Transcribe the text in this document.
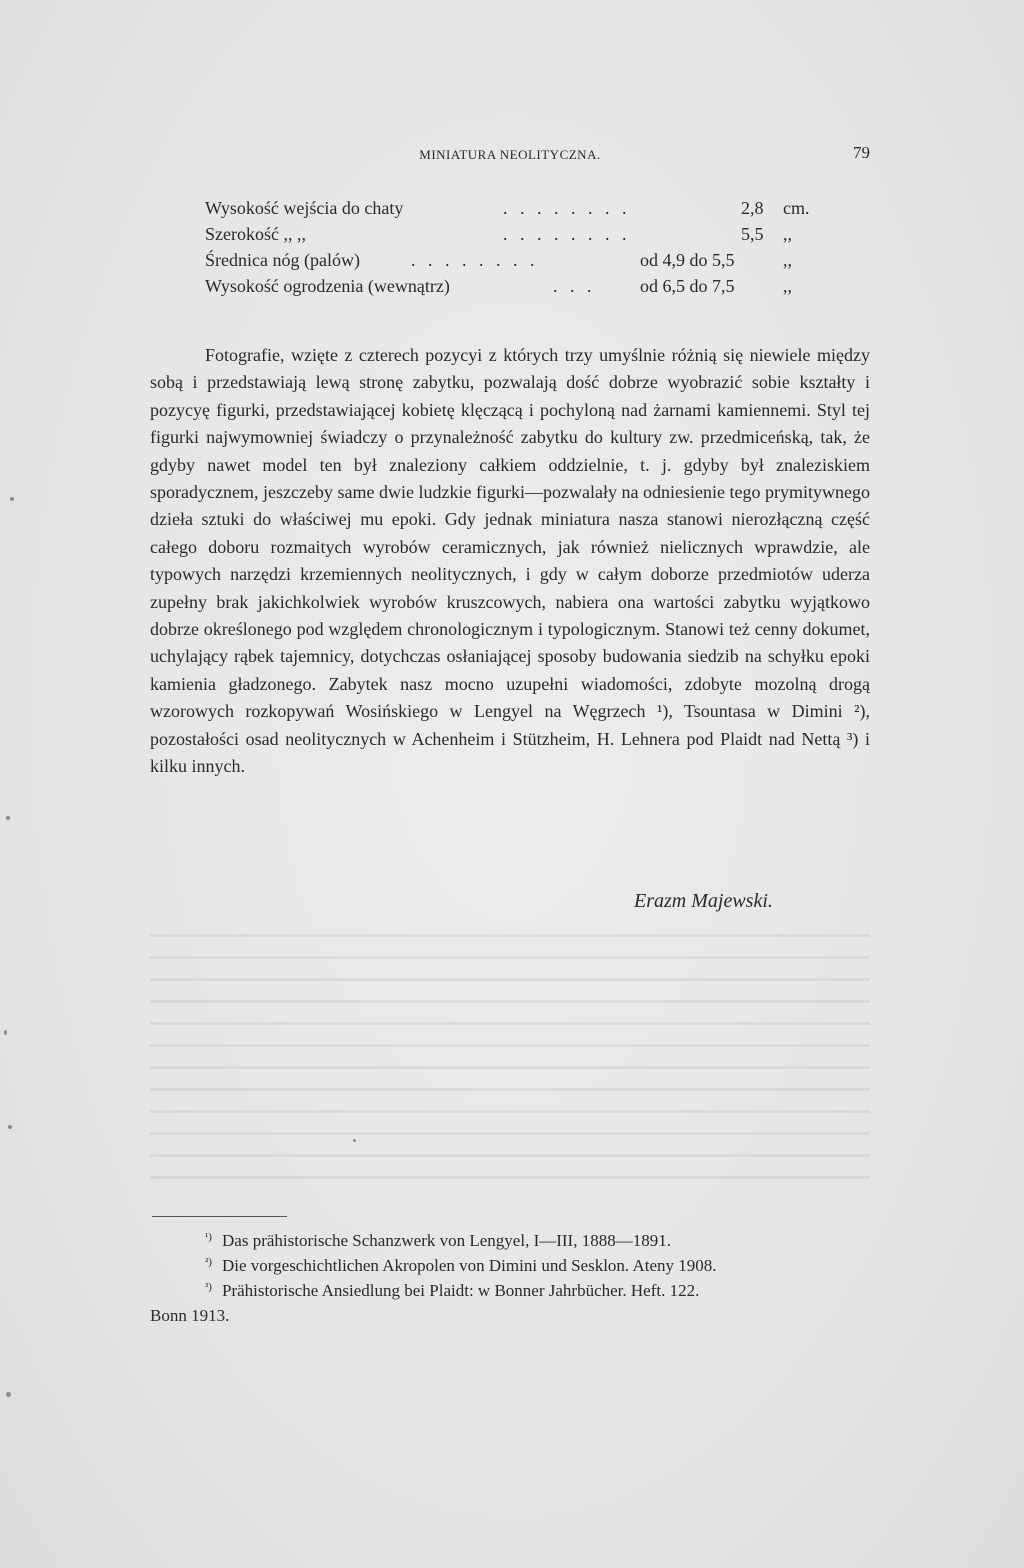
MINIATURA NEOLITYCZNA.	79
Wysokość wejścia do chaty	. . . . . . . .	2,8 cm.
Szerokość ,, ,,	. . . . . . . .	5,5 ,,
Średnica nóg (palów)	. . . . . . . .	od 4,9 do 5,5	,,
Wysokość ogrodzenia (wewnątrz)	. . . od 6,5 do 7,5	,,

Fotografie, wzięte z czterech pozycyi z których trzy umyślnie różnią się niewiele między sobą i przedstawiają lewą stronę zabytku, pozwalają dość dobrze wyobrazić sobie kształty i pozycyę figurki, przedstawiającej kobietę klęczącą i pochyloną nad żarnami kamiennemi. Styl tej figurki najwymowniej świadczy o przynależność zabytku do kultury zw. przedmiceńską, tak, że gdyby nawet model ten był znaleziony całkiem oddzielnie, t. j. gdyby był znaleziskiem sporadycznem, jeszczeby same dwie ludzkie figurki—pozwalały na odniesienie tego prymitywnego dzieła sztuki do właściwej mu epoki. Gdy jednak miniatura nasza stanowi nierozłączną część całego doboru rozmaitych wyrobów ceramicznych, jak również nielicznych wprawdzie, ale typowych narzędzi krzemiennych neolitycznych, i gdy w całym doborze przedmiotów uderza zupełny brak jakichkolwiek wyrobów kruszcowych, nabiera ona wartości zabytku wyjątkowo dobrze określonego pod względem chronologicznym i typologicznym. Stanowi też cenny dokumet, uchylający rąbek tajemnicy, dotychczas osłaniającej sposoby budowania siedzib na schyłku epoki kamienia gładzonego. Zabytek nasz mocno uzupełni wiadomości, zdobyte mozolną drogą wzorowych rozkopywań Wosińskiego w Lengyel na Węgrzech ¹), Tsountasa w Dimini ²), pozostałości osad neolitycznych w Achenheim i Stützheim, H. Lehnera pod Plaidt nad Nettą ³) i kilku innych.

Erazm Majewski.
¹) Das prähistorische Schanzwerk von Lengyel, I—III, 1888—1891.
²) Die vorgeschichtlichen Akropolen von Dimini und Sesklon. Ateny 1908.
³) Prähistorische Ansiedlung bei Plaidt: w Bonner Jahrbücher. Heft. 122.
Bonn 1913.
